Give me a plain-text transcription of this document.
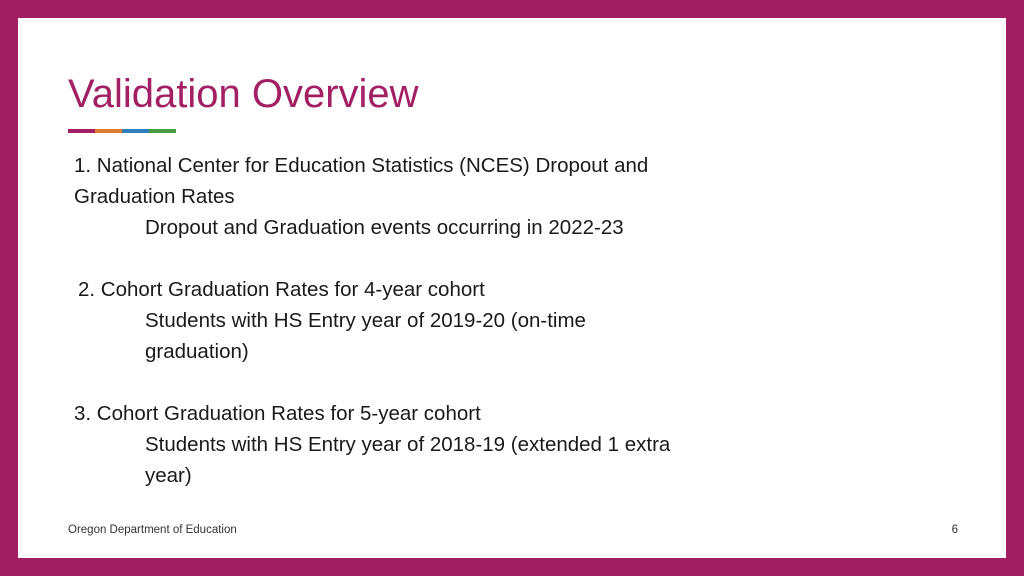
Validation Overview
1. National Center for Education Statistics (NCES) Dropout and Graduation Rates
Dropout and Graduation events occurring in 2022-23
2. Cohort Graduation Rates for 4-year cohort
Students with HS Entry year of 2019-20 (on-time graduation)
3. Cohort Graduation Rates for 5-year cohort
Students with HS Entry year of 2018-19 (extended 1 extra year)
Oregon Department of Education	6
